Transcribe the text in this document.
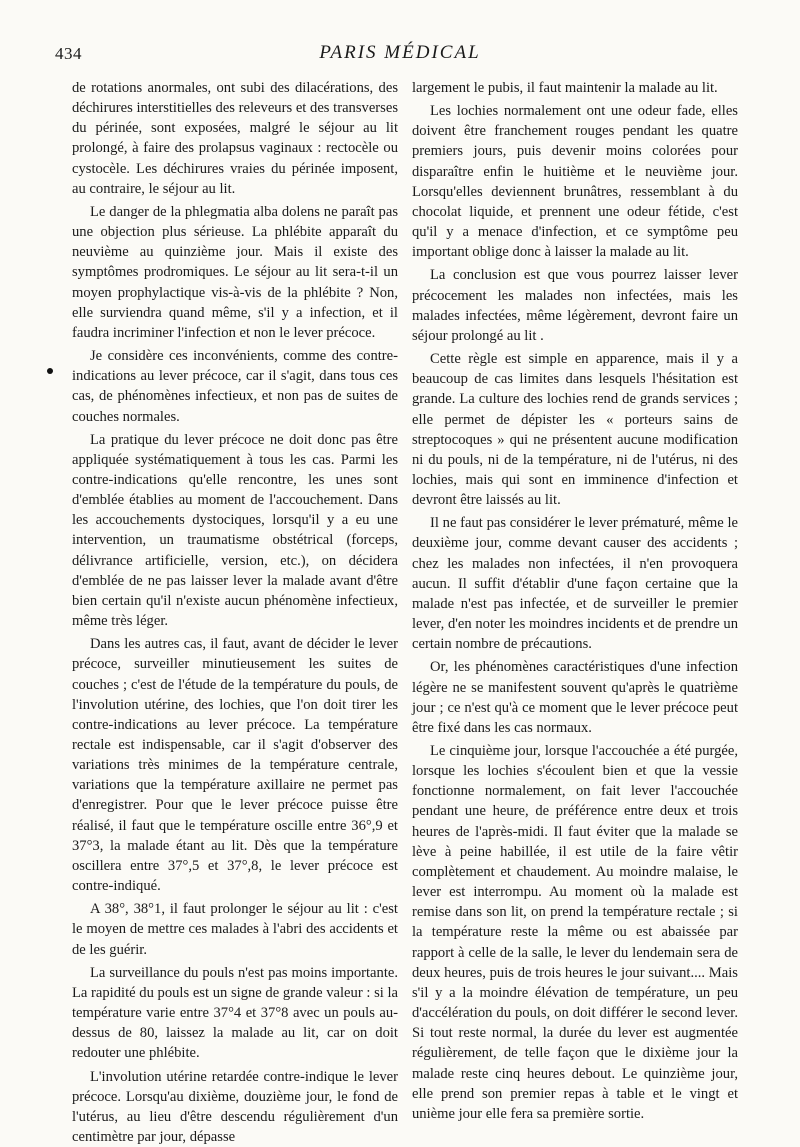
434	PARIS MÉDICAL

de rotations anormales, ont subi des dilacérations, des déchirures interstitielles des releveurs et des transverses du périnée, sont exposées, malgré le séjour au lit prolongé, à faire des prolapsus vaginaux : rectocèle ou cystocèle. Les déchirures vraies du périnée imposent, au contraire, le séjour au lit.

Le danger de la phlegmatia alba dolens ne paraît pas une objection plus sérieuse. La phlébite apparaît du neuvième au quinzième jour. Mais il existe des symptômes prodromiques. Le séjour au lit sera-t-il un moyen prophylactique vis-à-vis de la phlébite ? Non, elle surviendra quand même, s'il y a infection, et il faudra incriminer l'infection et non le lever précoce.

Je considère ces inconvénients, comme des contre-indications au lever précoce, car il s'agit, dans tous ces cas, de phénomènes infectieux, et non pas de suites de couches normales.

La pratique du lever précoce ne doit donc pas être appliquée systématiquement à tous les cas. Parmi les contre-indications qu'elle rencontre, les unes sont d'emblée établies au moment de l'accouchement. Dans les accouchements dystociques, lorsqu'il y a eu une intervention, un traumatisme obstétrical (forceps, délivrance artificielle, version, etc.), on décidera d'emblée de ne pas laisser lever la malade avant d'être bien certain qu'il n'existe aucun phénomène infectieux, même très léger.

Dans les autres cas, il faut, avant de décider le lever précoce, surveiller minutieusement les suites de couches ; c'est de l'étude de la température du pouls, de l'involution utérine, des lochies, que l'on doit tirer les contre-indications au lever précoce. La température rectale est indispensable, car il s'agit d'observer des variations très minimes de la température centrale, variations que la température axillaire ne permet pas d'enregistrer. Pour que le lever précoce puisse être réalisé, il faut que le température oscille entre 36°,9 et 37°3, la malade étant au lit. Dès que la température oscillera entre 37°,5 et 37°,8, le lever précoce est contre-indiqué.

A 38°, 38°1, il faut prolonger le séjour au lit : c'est le moyen de mettre ces malades à l'abri des accidents et de les guérir.

La surveillance du pouls n'est pas moins importante. La rapidité du pouls est un signe de grande valeur : si la température varie entre 37°4 et 37°8 avec un pouls au-dessus de 80, laissez la malade au lit, car on doit redouter une phlébite.

L'involution utérine retardée contre-indique le lever précoce. Lorsqu'au dixième, douzième jour, le fond de l'utérus, au lieu d'être descendu régulièrement d'un centimètre par jour, dépasse

largement le pubis, il faut maintenir la malade au lit.

Les lochies normalement ont une odeur fade, elles doivent être franchement rouges pendant les quatre premiers jours, puis devenir moins colorées pour disparaître enfin le huitième et le neuvième jour. Lorsqu'elles deviennent brunâtres, ressemblant à du chocolat liquide, et prennent une odeur fétide, c'est qu'il y a menace d'infection, et ce symptôme peu important oblige donc à laisser la malade au lit.

La conclusion est que vous pourrez laisser lever précocement les malades non infectées, mais les malades infectées, même légèrement, devront faire un séjour prolongé au lit .

Cette règle est simple en apparence, mais il y a beaucoup de cas limites dans lesquels l'hésitation est grande. La culture des lochies rend de grands services ; elle permet de dépister les « porteurs sains de streptocoques » qui ne présentent aucune modification ni du pouls, ni de la température, ni de l'utérus, ni des lochies, mais qui sont en imminence d'infection et devront être laissés au lit.

Il ne faut pas considérer le lever prématuré, même le deuxième jour, comme devant causer des accidents ; chez les malades non infectées, il n'en provoquera aucun. Il suffit d'établir d'une façon certaine que la malade n'est pas infectée, et de surveiller le premier lever, d'en noter les moindres incidents et de prendre un certain nombre de précautions.

Or, les phénomènes caractéristiques d'une infection légère ne se manifestent souvent qu'après le quatrième jour ; ce n'est qu'à ce moment que le lever précoce peut être fixé dans les cas normaux.

Le cinquième jour, lorsque l'accouchée a été purgée, lorsque les lochies s'écoulent bien et que la vessie fonctionne normalement, on fait lever l'accouchée pendant une heure, de préférence entre deux et trois heures de l'après-midi. Il faut éviter que la malade se lève à peine habillée, il est utile de la faire vêtir complètement et chaudement. Au moindre malaise, le lever est interrompu. Au moment où la malade est remise dans son lit, on prend la température rectale ; si la température reste la même ou est abaissée par rapport à celle de la salle, le lever du lendemain sera de deux heures, puis de trois heures le jour suivant.... Mais s'il y a la moindre élévation de température, un peu d'accélération du pouls, on doit différer le second lever. Si tout reste normal, la durée du lever est augmentée régulièrement, de telle façon que le dixième jour la malade reste cinq heures debout. Le quinzième jour, elle prend son premier repas à table et le vingt et unième jour elle fera sa première sortie.
